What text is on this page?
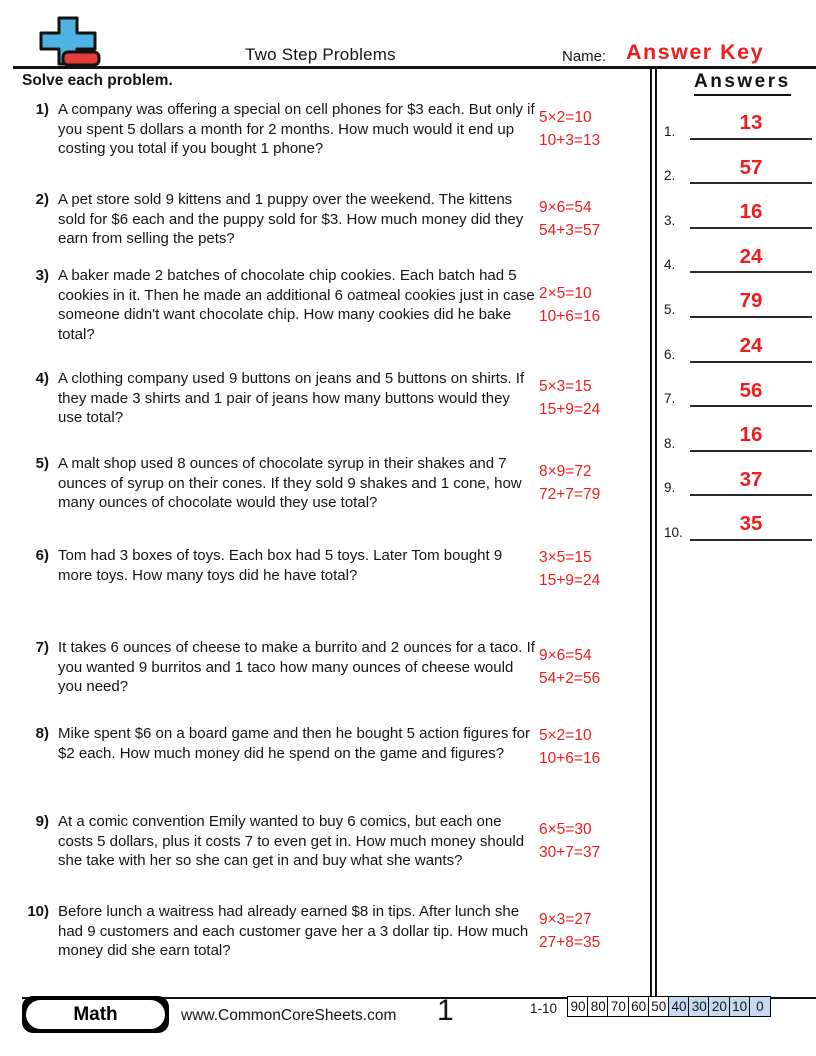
Two Step Problems	Name: Answer Key
Solve each problem.
1) A company was offering a special on cell phones for $3 each. But only if you spent 5 dollars a month for 2 months. How much would it end up costing you total if you bought 1 phone?
5×2=10
10+3=13
2) A pet store sold 9 kittens and 1 puppy over the weekend. The kittens sold for $6 each and the puppy sold for $3. How much money did they earn from selling the pets?
9×6=54
54+3=57
3) A baker made 2 batches of chocolate chip cookies. Each batch had 5 cookies in it. Then he made an additional 6 oatmeal cookies just in case someone didn't want chocolate chip. How many cookies did he bake total?
2×5=10
10+6=16
4) A clothing company used 9 buttons on jeans and 5 buttons on shirts. If they made 3 shirts and 1 pair of jeans how many buttons would they use total?
5×3=15
15+9=24
5) A malt shop used 8 ounces of chocolate syrup in their shakes and 7 ounces of syrup on their cones. If they sold 9 shakes and 1 cone, how many ounces of chocolate would they use total?
8×9=72
72+7=79
6) Tom had 3 boxes of toys. Each box had 5 toys. Later Tom bought 9 more toys. How many toys did he have total?
3×5=15
15+9=24
7) It takes 6 ounces of cheese to make a burrito and 2 ounces for a taco. If you wanted 9 burritos and 1 taco how many ounces of cheese would you need?
9×6=54
54+2=56
8) Mike spent $6 on a board game and then he bought 5 action figures for $2 each. How much money did he spend on the game and figures?
5×2=10
10+6=16
9) At a comic convention Emily wanted to buy 6 comics, but each one costs 5 dollars, plus it costs 7 to even get in. How much money should she take with her so she can get in and buy what she wants?
6×5=30
30+7=37
10) Before lunch a waitress had already earned $8 in tips. After lunch she had 9 customers and each customer gave her a 3 dollar tip. How much money did she earn total?
9×3=27
27+8=35
Answers
1.	13
2.	57
3.	16
4.	24
5.	79
6.	24
7.	56
8.	16
9.	37
10.	35
Math	www.CommonCoreSheets.com 1	1-10 90 80 70 60 50 40 30 20 10 0
